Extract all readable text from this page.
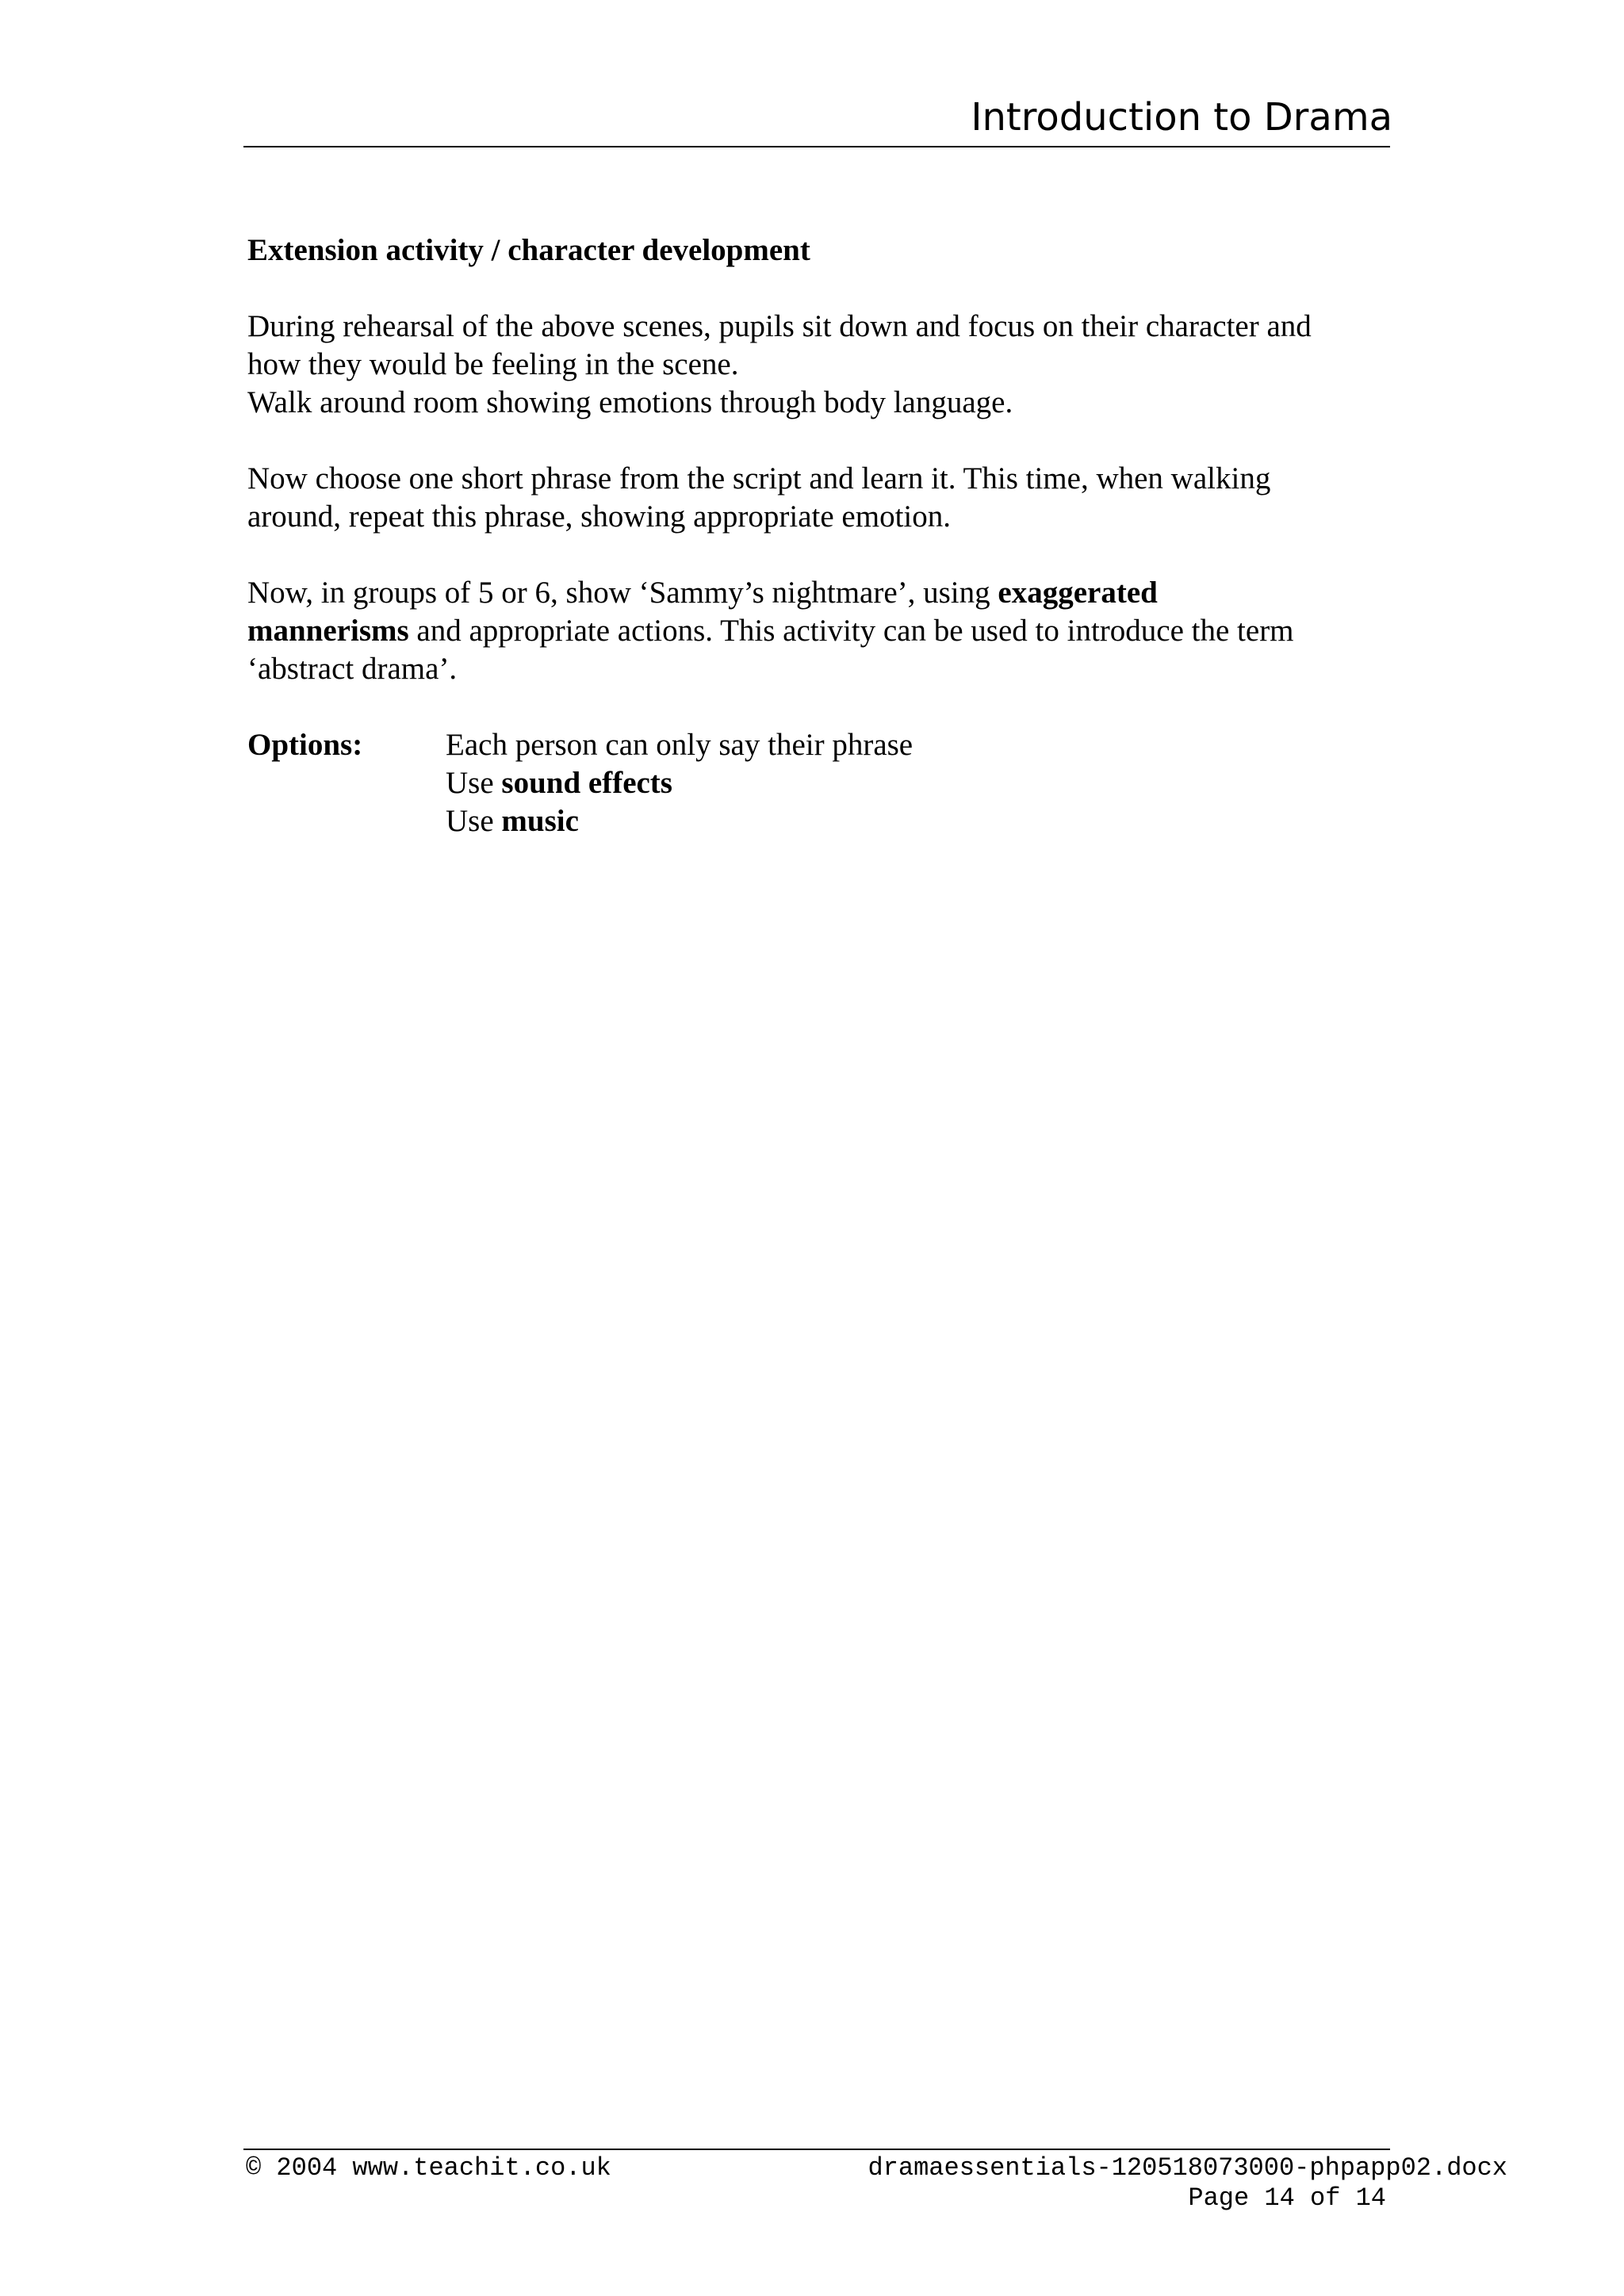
Introduction to Drama
Extension activity / character development

During rehearsal of the above scenes, pupils sit down and focus on their character and
how they would be feeling in the scene.
Walk around room showing emotions through body language.

Now choose one short phrase from the script and learn it. This time, when walking
around, repeat this phrase, showing appropriate emotion.

Now, in groups of 5 or 6, show ‘Sammy’s nightmare’, using exaggerated
mannerisms and appropriate actions. This activity can be used to introduce the term
‘abstract drama’.

Options:	Each person can only say their phrase
Use sound effects
Use music
© 2004 www.teachit.co.uk	dramaessentials-120518073000-phpapp02.docx
Page 14 of 14
